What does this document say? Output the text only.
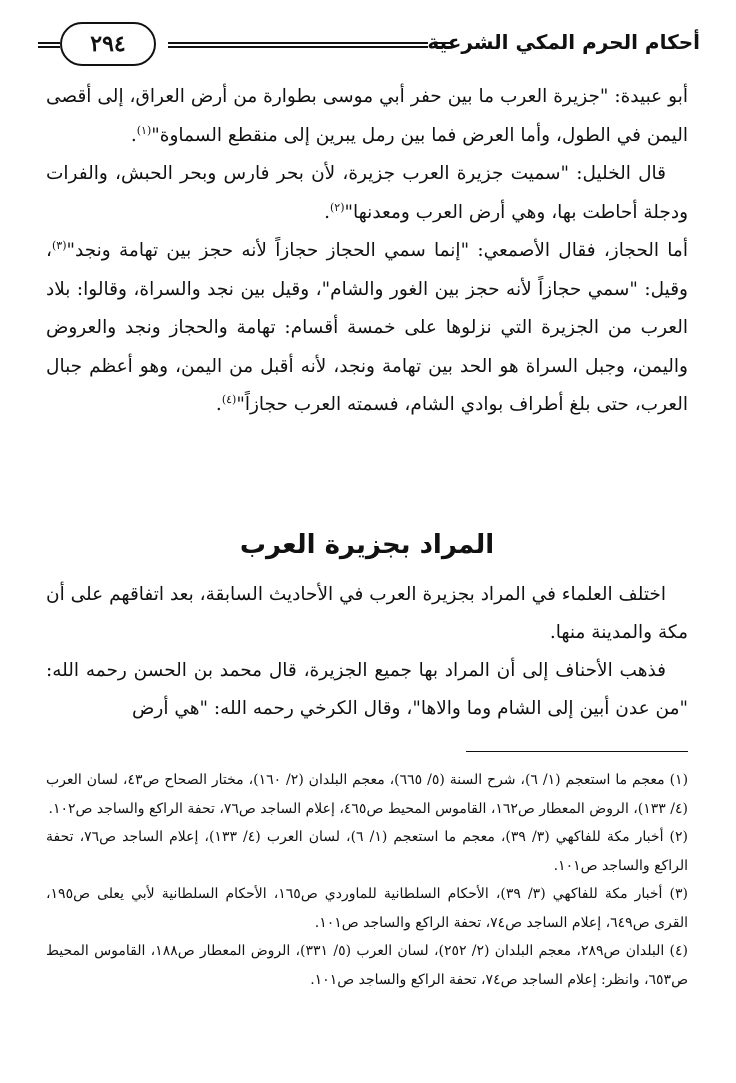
أحكام الحرم المكي الشرعية
٢٩٤

أبو عبيدة: "جزيرة العرب ما بين حفر أبي موسى بطوارة من أرض العراق، إلى أقصى اليمن في الطول، وأما العرض فما بين رمل يبرين إلى منقطع السماوة"$^{(١)}$.

قال الخليل: "سميت جزيرة العرب جزيرة، لأن بحر فارس وبحر الحبش، والفرات ودجلة أحاطت بها، وهي أرض العرب ومعدنها"$^{(٢)}$.

أما الحجاز، فقال الأصمعي: "إنما سمي الحجاز حجازاً لأنه حجز بين تهامة ونجد"$^{(٣)}$، وقيل: "سمي حجازاً لأنه حجز بين الغور والشام"، وقيل بين نجد والسراة، وقالوا: بلاد العرب من الجزيرة التي نزلوها على خمسة أقسام: تهامة والحجاز ونجد والعروض واليمن، وجبل السراة هو الحد بين تهامة ونجد، لأنه أقبل من اليمن، وهو أعظم جبال العرب، حتى بلغ أطراف بوادي الشام، فسمته العرب حجازاً"$^{(٤)}$.

المراد بجزيرة العرب

اختلف العلماء في المراد بجزيرة العرب في الأحاديث السابقة، بعد اتفاقهم على أن مكة والمدينة منها.

فذهب الأحناف إلى أن المراد بها جميع الجزيرة، قال محمد بن الحسن رحمه الله: "من عدن أبين إلى الشام وما والاها"، وقال الكرخي رحمه الله: "هي أرض

(١) معجم ما استعجم (١/ ٦)، شرح السنة (٥/ ٦٦٥)، معجم البلدان (٢/ ١٦٠)، مختار الصحاح ص٤٣، لسان العرب (٤/ ١٣٣)، الروض المعطار ص١٦٢، القاموس المحيط ص٤٦٥، إعلام الساجد ص٧٦، تحفة الراكع والساجد ص١٠٢.

(٢) أخبار مكة للفاكهي (٣/ ٣٩)، معجم ما استعجم (١/ ٦)، لسان العرب (٤/ ١٣٣)، إعلام الساجد ص٧٦، تحفة الراكع والساجد ص١٠١.

(٣) أخبار مكة للفاكهي (٣/ ٣٩)، الأحكام السلطانية للماوردي ص١٦٥، الأحكام السلطانية لأبي يعلى ص١٩٥، القرى ص٦٤٩، إعلام الساجد ص٧٤، تحفة الراكع والساجد ص١٠١.

(٤) البلدان ص٢٨٩، معجم البلدان (٢/ ٢٥٢)، لسان العرب (٥/ ٣٣١)، الروض المعطار ص١٨٨، القاموس المحيط ص٦٥٣، وانظر: إعلام الساجد ص٧٤، تحفة الراكع والساجد ص١٠١.
